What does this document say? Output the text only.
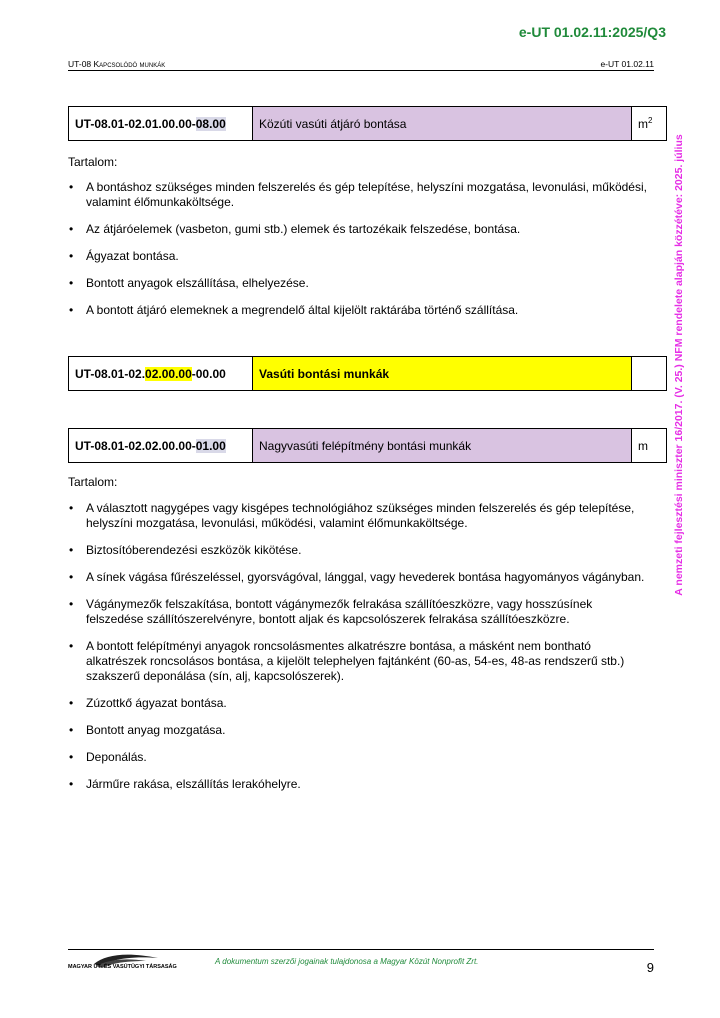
e-UT 01.02.11:2025/Q3
UT-08 Kapcsolódó munkák	e-UT 01.02.11
A nemzeti fejlesztési miniszter 16/2017. (V. 25.) NFM rendelete alapján közzétéve: 2025. július
UT-08.01-02.01.00.00-08.00	Közúti vasúti átjáró bontása	$m^2$
Tartalom:
• A bontáshoz szükséges minden felszerelés és gép telepítése, helyszíni mozgatása, levonulási, működési, valamint élőmunkaköltsége.
• Az átjáróelemek (vasbeton, gumi stb.) elemek és tartozékaik felszedése, bontása.
• Ágyazat bontása.
• Bontott anyagok elszállítása, elhelyezése.
• A bontott átjáró elemeknek a megrendelő által kijelölt raktárába történő szállítása.
UT-08.01-02.02.00.00-00.00	Vasúti bontási munkák	
UT-08.01-02.02.00.00-01.00	Nagyvasúti felépítmény bontási munkák	m
Tartalom:
• A választott nagygépes vagy kisgépes technológiához szükséges minden felszerelés és gép telepítése, helyszíni mozgatása, levonulási, működési, valamint élőmunkaköltsége.
• Biztosítóberendezési eszközök kikötése.
• A sínek vágása fűrészeléssel, gyorsvágóval, lánggal, vagy hevederek bontása hagyományos vágányban.
• Vágánymezők felszakítása, bontott vágánymezők felrakása szállítóeszközre, vagy hosszúsínek felszedése szállítószerelvényre, bontott aljak és kapcsolószerek felrakása szállítóeszközre.
• A bontott felépítményi anyagok roncsolásmentes alkatrészre bontása, a másként nem bontható alkatrészek roncsolásos bontása, a kijelölt telephelyen fajtánként (60-as, 54-es, 48-as rendszerű stb.) szakszerű deponálása (sín, alj, kapcsolószerek).
• Zúzottkő ágyazat bontása.
• Bontott anyag mozgatása.
• Deponálás.
• Járműre rakása, elszállítás lerakóhelyre.
MAGYAR ÚT- ÉS VASÚTÜGYI TÁRSASÁG
A dokumentum szerzői jogainak tulajdonosa a Magyar Közút Nonprofit Zrt.	9
